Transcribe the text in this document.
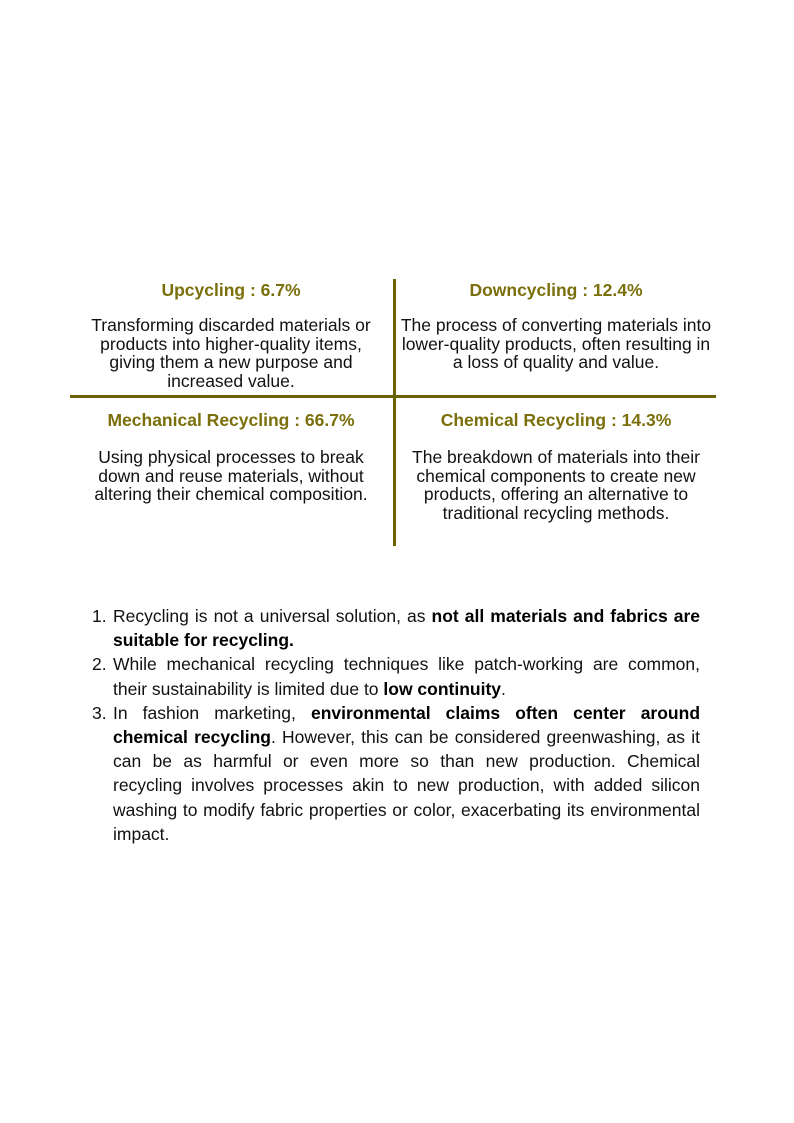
Upcycling : 6.7%
Transforming discarded materials or products into higher-quality items, giving them a new purpose and increased value.
Downcycling : 12.4%
The process of converting materials into lower-quality products, often resulting in a loss of quality and value.
Mechanical Recycling : 66.7%
Using physical processes to break down and reuse materials, without altering their chemical composition.
Chemical Recycling : 14.3%
The breakdown of materials into their chemical components to create new products, offering an alternative to traditional recycling methods.
1. Recycling is not a universal solution, as not all materials and fabrics are suitable for recycling.
2. While mechanical recycling techniques like patch-working are common, their sustainability is limited due to low continuity.
3. In fashion marketing, environmental claims often center around chemical recycling. However, this can be considered greenwashing, as it can be as harmful or even more so than new production. Chemical recycling involves processes akin to new production, with added silicon washing to modify fabric properties or color, exacerbating its environmental impact.
